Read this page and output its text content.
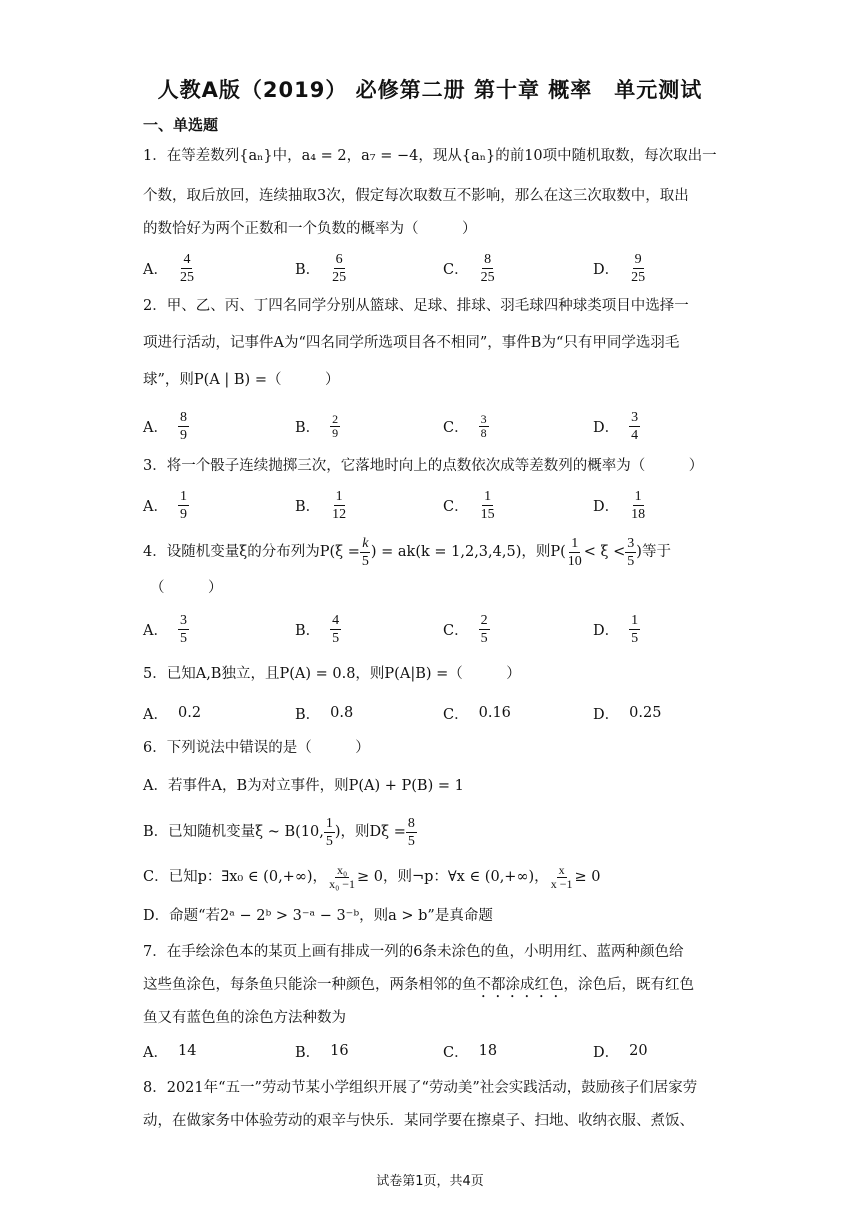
人教A版（2019） 必修第二册 第十章 概率　单元测试
一、单选题
1．在等差数列{aₙ}中，a₄ = 2，a₇ = −4，现从{aₙ}的前10项中随机取数，每次取出一
个数，取后放回，连续抽取3次，假定每次取数互不影响，那么在这三次取数中，取出
的数恰好为两个正数和一个负数的概率为（　　　）
A． $\frac{4}{25}$	B． $\frac{6}{25}$	C． $\frac{8}{25}$	D． $\frac{9}{25}$
2．甲、乙、丙、丁四名同学分别从篮球、足球、排球、羽毛球四种球类项目中选择一
项进行活动，记事件A为“四名同学所选项目各不相同”，事件B为“只有甲同学选羽毛
球”，则P(A | B) =（　　　）
A． $\frac{8}{9}$	B． $\frac{2}{9}$	C． $\frac{3}{8}$	D． $\frac{3}{4}$
3．将一个骰子连续抛掷三次，它落地时向上的点数依次成等差数列的概率为（　　　）
A． $\frac{1}{9}$	B． $\frac{1}{12}$	C． $\frac{1}{15}$	D． $\frac{1}{18}$
4．设随机变量ξ的分布列为$P(\xi = \frac{k}{5}$ ) = ak(k = 1,2,3,4,5)，则$P( \frac{1}{10} < \xi < \frac{3}{5}$ )等于
（　　　）
A． $\frac{3}{5}$	B． $\frac{4}{5}$	C． $\frac{2}{5}$	D． $\frac{1}{5}$
5．已知A,B独立，且P(A) = 0.8，则P(A|B) =（　　　）
A． 0.2	B． 0.8	C． 0.16	D． 0.25
6．下列说法中错误的是（　　　）
A．若事件A，B为对立事件，则P(A) + P(B) = 1
B．已知随机变量ξ ~ B(10, $\frac{1}{5}$ )，则$D\xi = \frac{8}{5}$
C．已知p：∃x₀ ∈ (0,+∞)， $\frac{\text{x₀}}{\text{x₀ −1}} \ge 0$，则¬p：∀x ∈ (0,+∞)， $\frac{x}{x -1} \ge 0$
D．命题“若2ᵃ − 2ᵇ > 3⁻ᵃ − 3⁻ᵇ，则a > b”是真命题
7．在手绘涂色本的某页上画有排成一列的6条未涂色的鱼，小明用红、蓝两种颜色给
这些鱼涂色，每条鱼只能涂一种颜色，两条相邻的鱼不都涂成红色，涂色后，既有红色
鱼又有蓝色鱼的涂色方法种数为
A． 14	B． 16	C． 18	D． 20
8．2021年“五一”劳动节某小学组织开展了“劳动美”社会实践活动，鼓励孩子们居家劳
动，在做家务中体验劳动的艰辛与快乐．某同学要在擦桌子、扫地、收纳衣服、煮饭、
试卷第1页，共4页
